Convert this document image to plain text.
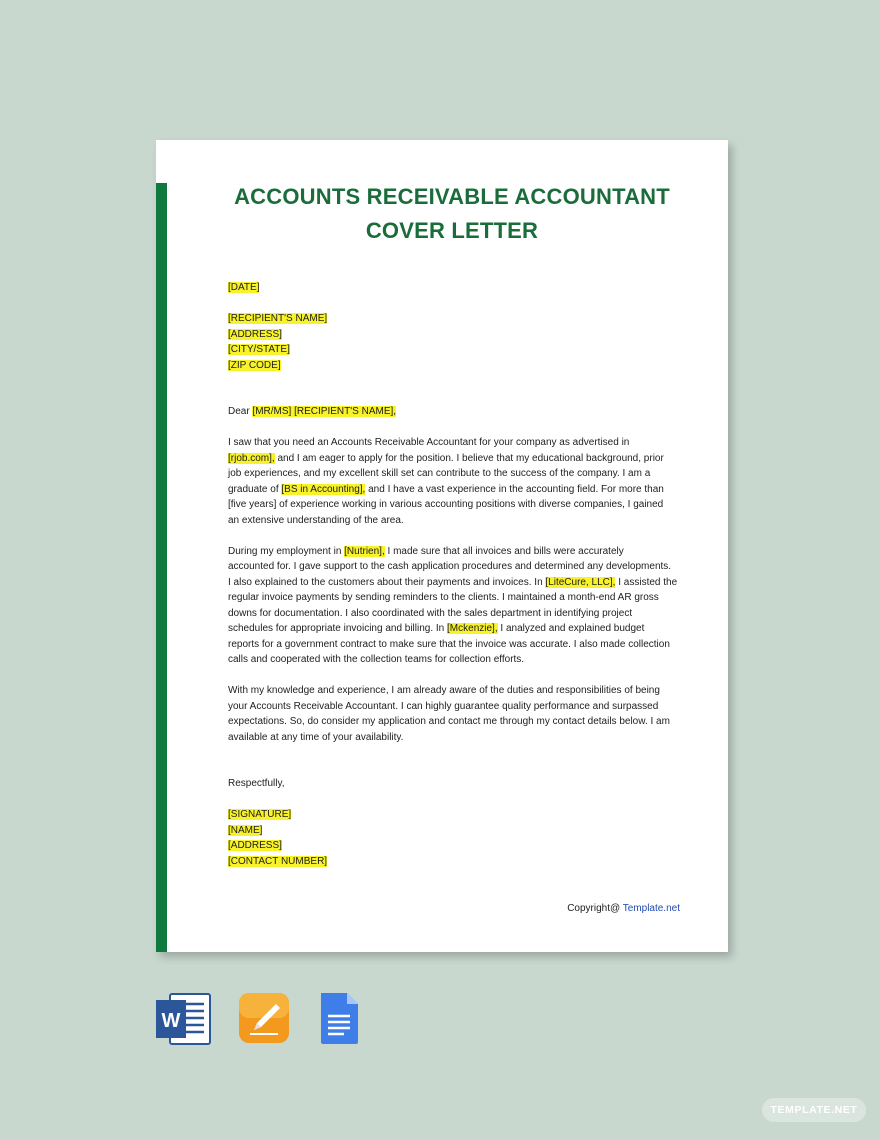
ACCOUNTS RECEIVABLE ACCOUNTANT
COVER LETTER
[DATE]
[RECIPIENT'S NAME]
[ADDRESS]
[CITY/STATE]
[ZIP CODE]
Dear [MR/MS] [RECIPIENT'S NAME],
I saw that you need an Accounts Receivable Accountant for your company as advertised in
[rjob.com], and I am eager to apply for the position. I believe that my educational background, prior
job experiences, and my excellent skill set can contribute to the success of the company. I am a
graduate of [BS in Accounting], and I have a vast experience in the accounting field. For more than
[five years] of experience working in various accounting positions with diverse companies, I gained
an extensive understanding of the area.
During my employment in [Nutrien], I made sure that all invoices and bills were accurately
accounted for. I gave support to the cash application procedures and determined any developments.
I also explained to the customers about their payments and invoices. In [LiteCure, LLC], I assisted the
regular invoice payments by sending reminders to the clients. I maintained a month-end AR gross
downs for documentation. I also coordinated with the sales department in identifying project
schedules for appropriate invoicing and billing. In [Mckenzie], I analyzed and explained budget
reports for a government contract to make sure that the invoice was accurate. I also made collection
calls and cooperated with the collection teams for collection efforts.
With my knowledge and experience, I am already aware of the duties and responsibilities of being
your Accounts Receivable Accountant. I can highly guarantee quality performance and surpassed
expectations. So, do consider my application and contact me through my contact details below. I am
available at any time of your availability.
Respectfully,
[SIGNATURE]
[NAME]
[ADDRESS]
[CONTACT NUMBER]
Copyright@ Template.net
W
TEMPLATE.NET
